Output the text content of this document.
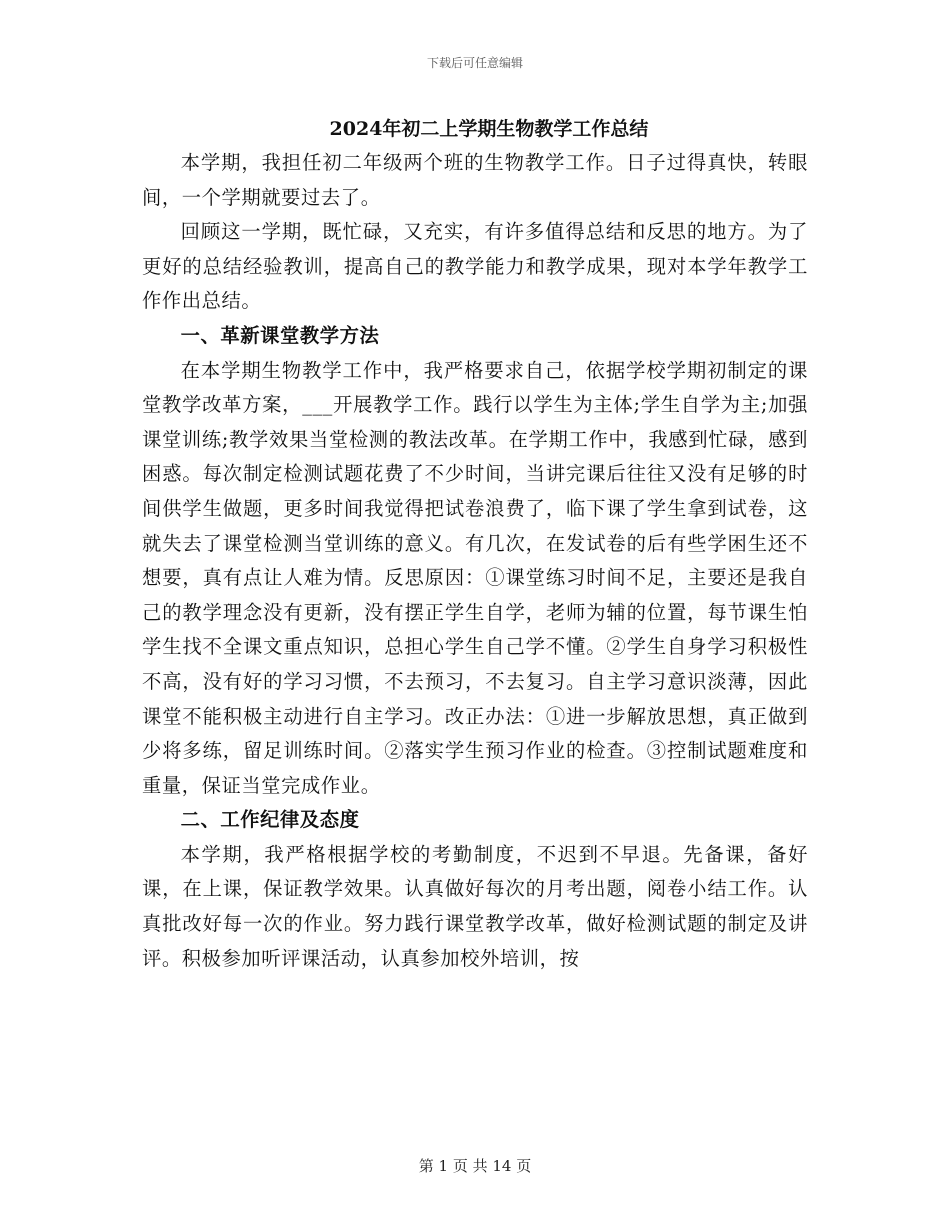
下载后可任意编辑
2024年初二上学期生物教学工作总结

本学期，我担任初二年级两个班的生物教学工作。日子过得真快，转眼间，一个学期就要过去了。

回顾这一学期，既忙碌，又充实，有许多值得总结和反思的地方。为了更好的总结经验教训，提高自己的教学能力和教学成果，现对本学年教学工作作出总结。

一、革新课堂教学方法

在本学期生物教学工作中，我严格要求自己，依据学校学期初制定的课堂教学改革方案，___开展教学工作。践行以学生为主体;学生自学为主;加强课堂训练;教学效果当堂检测的教法改革。在学期工作中，我感到忙碌，感到困惑。每次制定检测试题花费了不少时间，当讲完课后往往又没有足够的时间供学生做题，更多时间我觉得把试卷浪费了，临下课了学生拿到试卷，这就失去了课堂检测当堂训练的意义。有几次，在发试卷的后有些学困生还不想要，真有点让人难为情。反思原因：①课堂练习时间不足，主要还是我自己的教学理念没有更新，没有摆正学生自学，老师为辅的位置，每节课生怕学生找不全课文重点知识，总担心学生自己学不懂。②学生自身学习积极性不高，没有好的学习习惯，不去预习，不去复习。自主学习意识淡薄，因此课堂不能积极主动进行自主学习。改正办法：①进一步解放思想，真正做到少将多练，留足训练时间。②落实学生预习作业的检查。③控制试题难度和重量，保证当堂完成作业。

二、工作纪律及态度

本学期，我严格根据学校的考勤制度，不迟到不早退。先备课，备好课，在上课，保证教学效果。认真做好每次的月考出题，阅卷小结工作。认真批改好每一次的作业。努力践行课堂教学改革，做好检测试题的制定及讲评。积极参加听评课活动，认真参加校外培训，按

第 1 页 共 14 页
